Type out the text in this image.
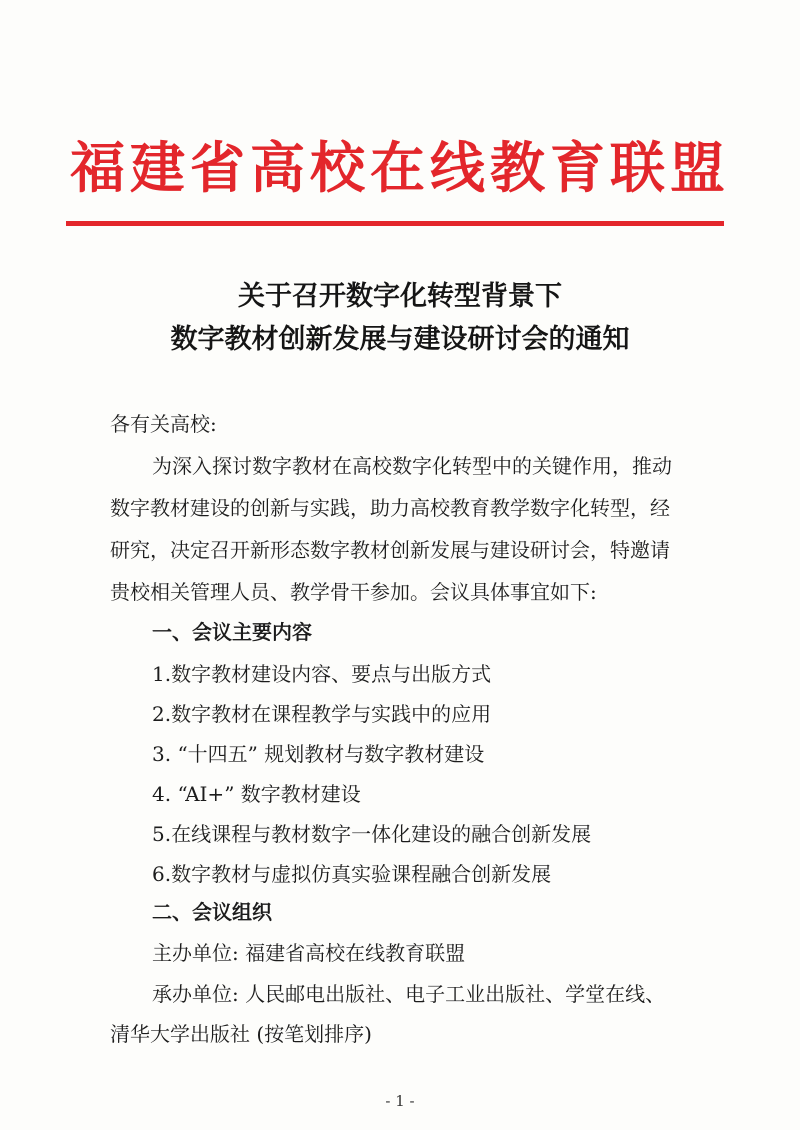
福建省高校在线教育联盟
关于召开数字化转型背景下
数字教材创新发展与建设研讨会的通知
各有关高校:
为深入探讨数字教材在高校数字化转型中的关键作用，推动
数字教材建设的创新与实践，助力高校教育教学数字化转型，经
研究，决定召开新形态数字教材创新发展与建设研讨会，特邀请
贵校相关管理人员、教学骨干参加。会议具体事宜如下:
一、会议主要内容
1.数字教材建设内容、要点与出版方式
2.数字教材在课程教学与实践中的应用
3. “十四五” 规划教材与数字教材建设
4. “AI+” 数字教材建设
5.在线课程与教材数字一体化建设的融合创新发展
6.数字教材与虚拟仿真实验课程融合创新发展
二、会议组织
主办单位: 福建省高校在线教育联盟
承办单位: 人民邮电出版社、电子工业出版社、学堂在线、
清华大学出版社 (按笔划排序)
- 1 -
